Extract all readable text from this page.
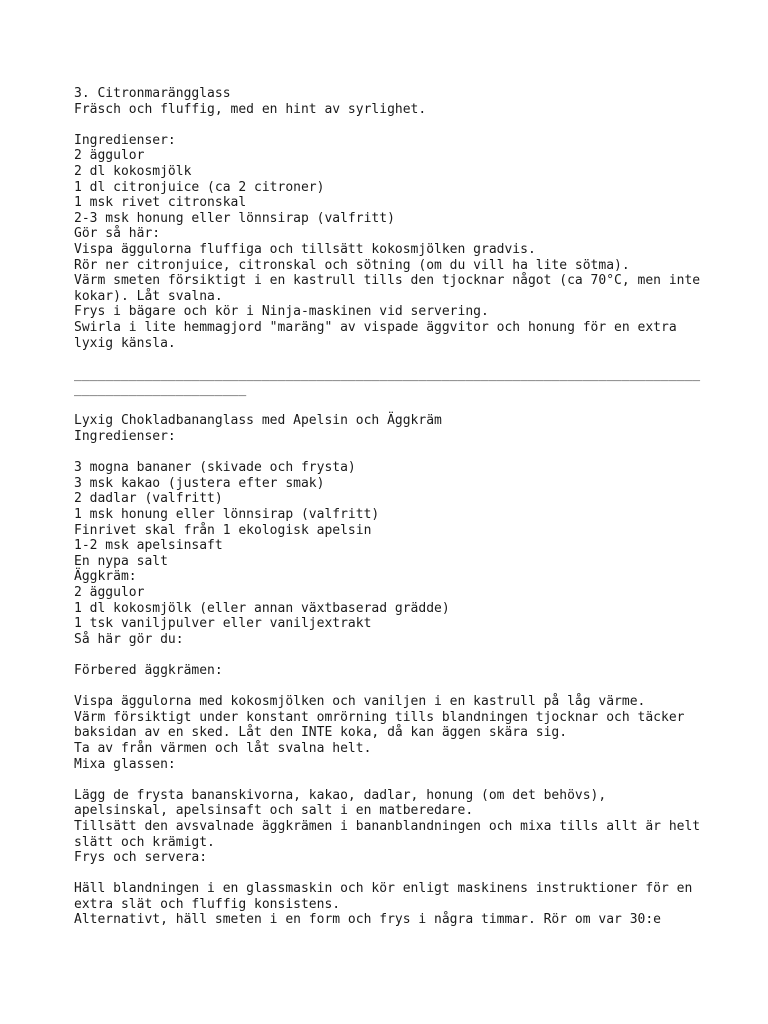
3. Citronmarängglass
Fräsch och fluffig, med en hint av syrlighet.
Ingredienser:
2 äggulor
2 dl kokosmjölk
1 dl citronjuice (ca 2 citroner)
1 msk rivet citronskal
2-3 msk honung eller lönnsirap (valfritt)
Gör så här:
Vispa äggulorna fluffiga och tillsätt kokosmjölken gradvis.
Rör ner citronjuice, citronskal och sötning (om du vill ha lite sötma).
Värm smeten försiktigt i en kastrull tills den tjocknar något (ca 70°C, men inte
kokar). Låt svalna.
Frys i bägare och kör i Ninja-maskinen vid servering.
Swirla i lite hemmagjord "maräng" av vispade äggvitor och honung för en extra
lyxig känsla.
________________________________________________________________________________
______________________
Lyxig Chokladbananglass med Apelsin och Äggkräm
Ingredienser:
3 mogna bananer (skivade och frysta)
3 msk kakao (justera efter smak)
2 dadlar (valfritt)
1 msk honung eller lönnsirap (valfritt)
Finrivet skal från 1 ekologisk apelsin
1-2 msk apelsinsaft
En nypa salt
Äggkräm:
2 äggulor
1 dl kokosmjölk (eller annan växtbaserad grädde)
1 tsk vaniljpulver eller vaniljextrakt
Så här gör du:
Förbered äggkrämen:
Vispa äggulorna med kokosmjölken och vaniljen i en kastrull på låg värme.
Värm försiktigt under konstant omrörning tills blandningen tjocknar och täcker
baksidan av en sked. Låt den INTE koka, då kan äggen skära sig.
Ta av från värmen och låt svalna helt.
Mixa glassen:
Lägg de frysta bananskivorna, kakao, dadlar, honung (om det behövs),
apelsinskal, apelsinsaft och salt i en matberedare.
Tillsätt den avsvalnade äggkrämen i bananblandningen och mixa tills allt är helt
slätt och krämigt.
Frys och servera:
Häll blandningen i en glassmaskin och kör enligt maskinens instruktioner för en
extra slät och fluffig konsistens.
Alternativt, häll smeten i en form och frys i några timmar. Rör om var 30:e
